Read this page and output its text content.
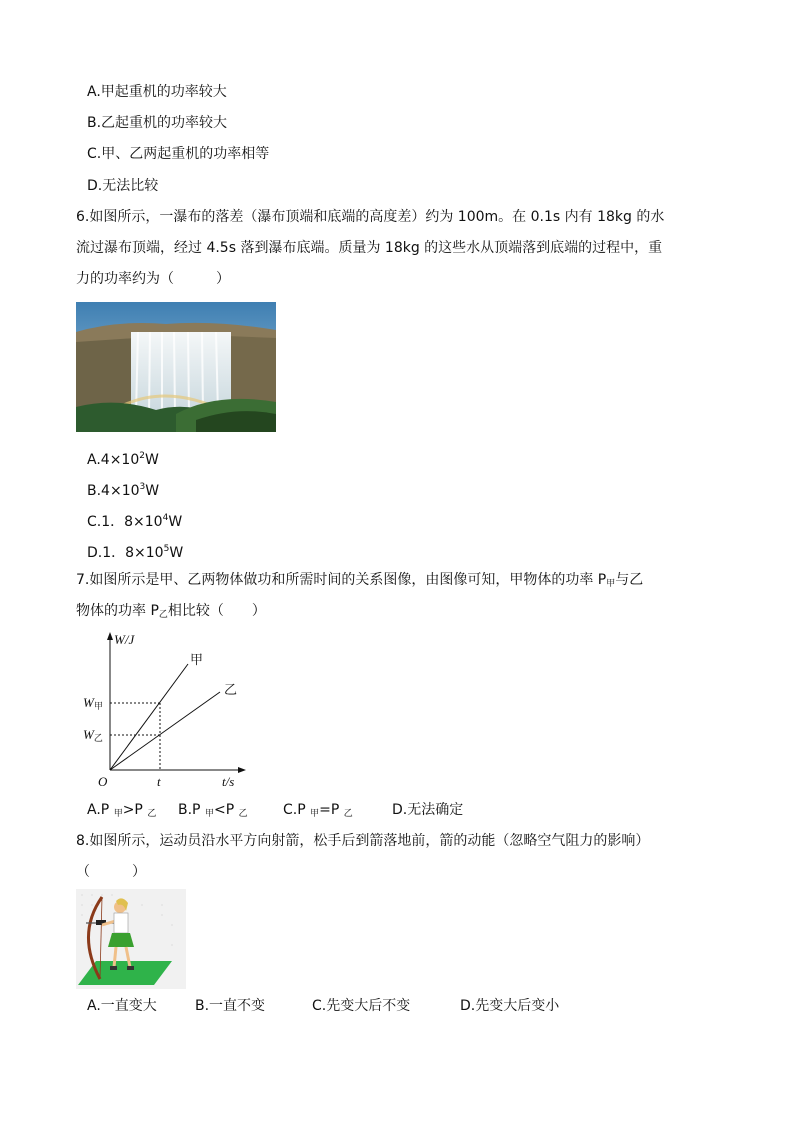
A.甲起重机的功率较大
B.乙起重机的功率较大
C.甲、乙两起重机的功率相等
D.无法比较
6.如图所示，一瀑布的落差（瀑布顶端和底端的高度差）约为 100m。在 0.1s 内有 18kg 的水
流过瀑布顶端，经过 4.5s 落到瀑布底端。质量为 18kg 的这些水从顶端落到底端的过程中，重
力的功率约为（　　　）
$A.4\times 10^2W$
$B.4\times 10^3W$
C.1．$8\times 10^4W$
D.1．$8\times 10^5W$
7.如图所示是甲、乙两物体做功和所需时间的关系图像，由图像可知，甲物体的功率 $P_甲$与乙
物体的功率 $P_乙$相比较（　　）
W/J
t/s
O	t
W甲
W乙
甲
乙
A.P $_甲$>P $_乙$ B.P $_甲$<P $_乙$	C.P $_甲$=P $_乙$	D.无法确定
8.如图所示，运动员沿水平方向射箭，松手后到箭落地前，箭的动能（忽略空气阻力的影响）
（　　　）
A.一直变大	B.一直不变	C.先变大后不变	D.先变大后变小
